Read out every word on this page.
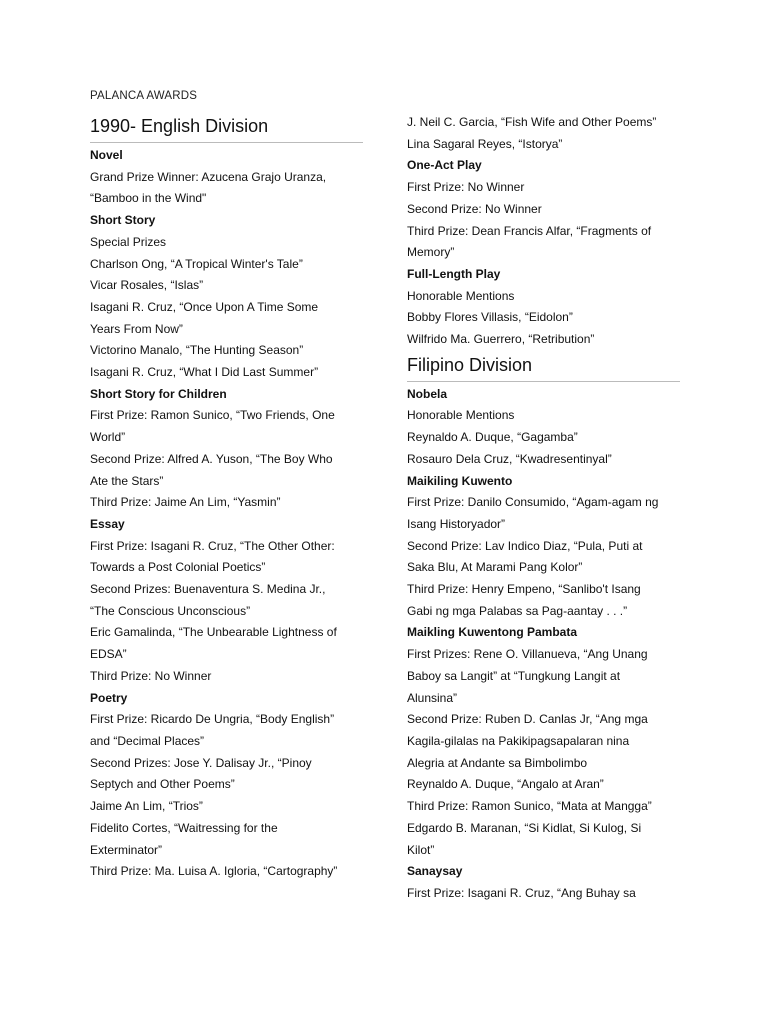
PALANCA AWARDS
1990- English Division
Novel
Grand Prize Winner: Azucena Grajo Uranza,
“Bamboo in the Wind"
Short Story
Special Prizes
Charlson Ong, “A Tropical Winter's Tale”
Vicar Rosales, “Islas”
Isagani R. Cruz, “Once Upon A Time Some
Years From Now”
Victorino Manalo, “The Hunting Season”
Isagani R. Cruz, “What I Did Last Summer”
Short Story for Children
First Prize: Ramon Sunico, “Two Friends, One
World”
Second Prize: Alfred A. Yuson, “The Boy Who
Ate the Stars”
Third Prize: Jaime An Lim, “Yasmin”
Essay
First Prize: Isagani R. Cruz, “The Other Other:
Towards a Post Colonial Poetics”
Second Prizes: Buenaventura S. Medina Jr.,
“The Conscious Unconscious”
Eric Gamalinda, “The Unbearable Lightness of
EDSA”
Third Prize: No Winner
Poetry
First Prize: Ricardo De Ungria, “Body English”
and “Decimal Places”
Second Prizes: Jose Y. Dalisay Jr., “Pinoy
Septych and Other Poems”
Jaime An Lim, “Trios”
Fidelito Cortes, “Waitressing for the
Exterminator”
Third Prize: Ma. Luisa A. Igloria, “Cartography”
J. Neil C. Garcia, “Fish Wife and Other Poems”
Lina Sagaral Reyes, “Istorya”
One-Act Play
First Prize: No Winner
Second Prize: No Winner
Third Prize: Dean Francis Alfar, “Fragments of
Memory”
Full-Length Play
Honorable Mentions
Bobby Flores Villasis, “Eidolon”
Wilfrido Ma. Guerrero, “Retribution”
Filipino Division
Nobela
Honorable Mentions
Reynaldo A. Duque, “Gagamba”
Rosauro Dela Cruz, “Kwadresentinyal”
Maikiling Kuwento
First Prize: Danilo Consumido, “Agam-agam ng
Isang Historyador”
Second Prize: Lav Indico Diaz, “Pula, Puti at
Saka Blu, At Marami Pang Kolor”
Third Prize: Henry Empeno, “Sanlibo't Isang
Gabi ng mga Palabas sa Pag-aantay . . .”
Maikling Kuwentong Pambata
First Prizes: Rene O. Villanueva, “Ang Unang
Baboy sa Langit” at “Tungkung Langit at
Alunsina”
Second Prize: Ruben D. Canlas Jr, “Ang mga
Kagila-gilalas na Pakikipagsapalaran nina
Alegria at Andante sa Bimbolimbo
Reynaldo A. Duque, “Angalo at Aran”
Third Prize: Ramon Sunico, “Mata at Mangga”
Edgardo B. Maranan, “Si Kidlat, Si Kulog, Si
Kilot”
Sanaysay
First Prize: Isagani R. Cruz, “Ang Buhay sa
